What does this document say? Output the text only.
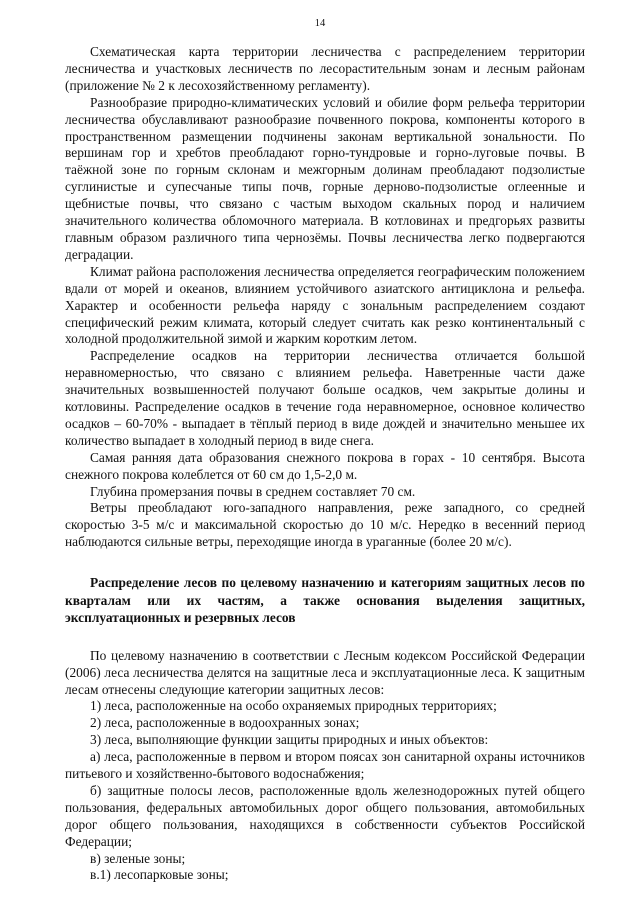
14

Схематическая карта территории лесничества с распределением территории лесничества и участковых лесничеств по лесорастительным зонам и лесным районам (приложение № 2 к лесохозяйственному регламенту).

Разнообразие природно-климатических условий и обилие форм рельефа территории лесничества обуславливают разнообразие почвенного покрова, компоненты которого в пространственном размещении подчинены законам вертикальной зональности. По вершинам гор и хребтов преобладают горно-тундровые и горно-луговые почвы. В таёжной зоне по горным склонам и межгорным долинам преобладают подзолистые суглинистые и супесчаные типы почв, горные дерново-подзолистые оглеенные и щебнистые почвы, что связано с частым выходом скальных пород и наличием значительного количества обломочного материала. В котловинах и предгорьях развиты главным образом различного типа чернозёмы. Почвы лесничества легко подвергаются деградации.

Климат района расположения лесничества определяется географическим положением вдали от морей и океанов, влиянием устойчивого азиатского антициклона и рельефа. Характер и особенности рельефа наряду с зональным распределением создают специфический режим климата, который следует считать как резко континентальный с холодной продолжительной зимой и жарким коротким летом.

Распределение осадков на территории лесничества отличается большой неравномерностью, что связано с влиянием рельефа. Наветренные части даже значительных возвышенностей получают больше осадков, чем закрытые долины и котловины. Распределение осадков в течение года неравномерное, основное количество осадков – 60-70% - выпадает в тёплый период в виде дождей и значительно меньшее их количество выпадает в холодный период в виде снега.

Самая ранняя дата образования снежного покрова в горах - 10 сентября. Высота снежного покрова колеблется от 60 см до 1,5-2,0 м.

Глубина промерзания почвы в среднем составляет 70 см.

Ветры преобладают юго-западного направления, реже западного, со средней скоростью 3-5 м/с и максимальной скоростью до 10 м/с. Нередко в весенний период наблюдаются сильные ветры, переходящие иногда в ураганные (более 20 м/с).

Распределение лесов по целевому назначению и категориям защитных лесов по кварталам или их частям, а также основания выделения защитных, эксплуатационных и резервных лесов

По целевому назначению в соответствии с Лесным кодексом Российской Федерации (2006) леса лесничества делятся на защитные леса и эксплуатационные леса. К защитным лесам отнесены следующие категории защитных лесов:

1) леса, расположенные на особо охраняемых природных территориях;

2) леса, расположенные в водоохранных зонах;

3) леса, выполняющие функции защиты природных и иных объектов:

а) леса, расположенные в первом и втором поясах зон санитарной охраны источников питьевого и хозяйственно-бытового водоснабжения;

б) защитные полосы лесов, расположенные вдоль железнодорожных путей общего пользования, федеральных автомобильных дорог общего пользования, автомобильных дорог общего пользования, находящихся в собственности субъектов Российской Федерации;

в) зеленые зоны;

в.1) лесопарковые зоны;
